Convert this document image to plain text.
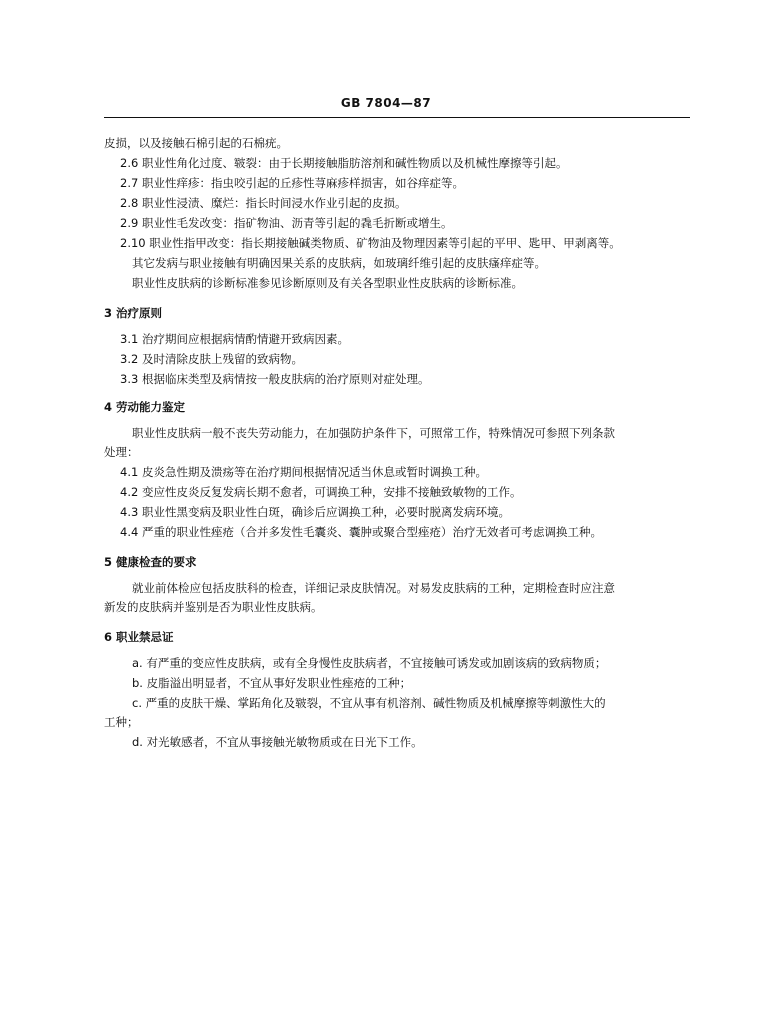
GB 7804—87
皮损，以及接触石棉引起的石棉疣。
2.6 职业性角化过度、皲裂：由于长期接触脂肪溶剂和碱性物质以及机械性摩擦等引起。
2.7 职业性痒疹：指虫咬引起的丘疹性荨麻疹样损害，如谷痒症等。
2.8 职业性浸渍、糜烂：指长时间浸水作业引起的皮损。
2.9 职业性毛发改变：指矿物油、沥青等引起的毳毛折断或增生。
2.10 职业性指甲改变：指长期接触碱类物质、矿物油及物理因素等引起的平甲、匙甲、甲剥离等。
其它发病与职业接触有明确因果关系的皮肤病，如玻璃纤维引起的皮肤瘙痒症等。
职业性皮肤病的诊断标准参见诊断原则及有关各型职业性皮肤病的诊断标准。
3 治疗原则
3.1 治疗期间应根据病情酌情避开致病因素。
3.2 及时清除皮肤上残留的致病物。
3.3 根据临床类型及病情按一般皮肤病的治疗原则对症处理。
4 劳动能力鉴定
职业性皮肤病一般不丧失劳动能力，在加强防护条件下，可照常工作，特殊情况可参照下列条款
处理：
4.1 皮炎急性期及溃疡等在治疗期间根据情况适当休息或暂时调换工种。
4.2 变应性皮炎反复发病长期不愈者，可调换工种，安排不接触致敏物的工作。
4.3 职业性黑变病及职业性白斑，确诊后应调换工种，必要时脱离发病环境。
4.4 严重的职业性痤疮（合并多发性毛囊炎、囊肿或聚合型痤疮）治疗无效者可考虑调换工种。
5 健康检查的要求
就业前体检应包括皮肤科的检查，详细记录皮肤情况。对易发皮肤病的工种，定期检查时应注意
新发的皮肤病并鉴别是否为职业性皮肤病。
6 职业禁忌证
a. 有严重的变应性皮肤病，或有全身慢性皮肤病者，不宜接触可诱发或加剧该病的致病物质；
b. 皮脂溢出明显者，不宜从事好发职业性痤疮的工种；
c. 严重的皮肤干燥、掌跖角化及皲裂，不宜从事有机溶剂、碱性物质及机械摩擦等刺激性大的
工种；
d. 对光敏感者，不宜从事接触光敏物质或在日光下工作。
